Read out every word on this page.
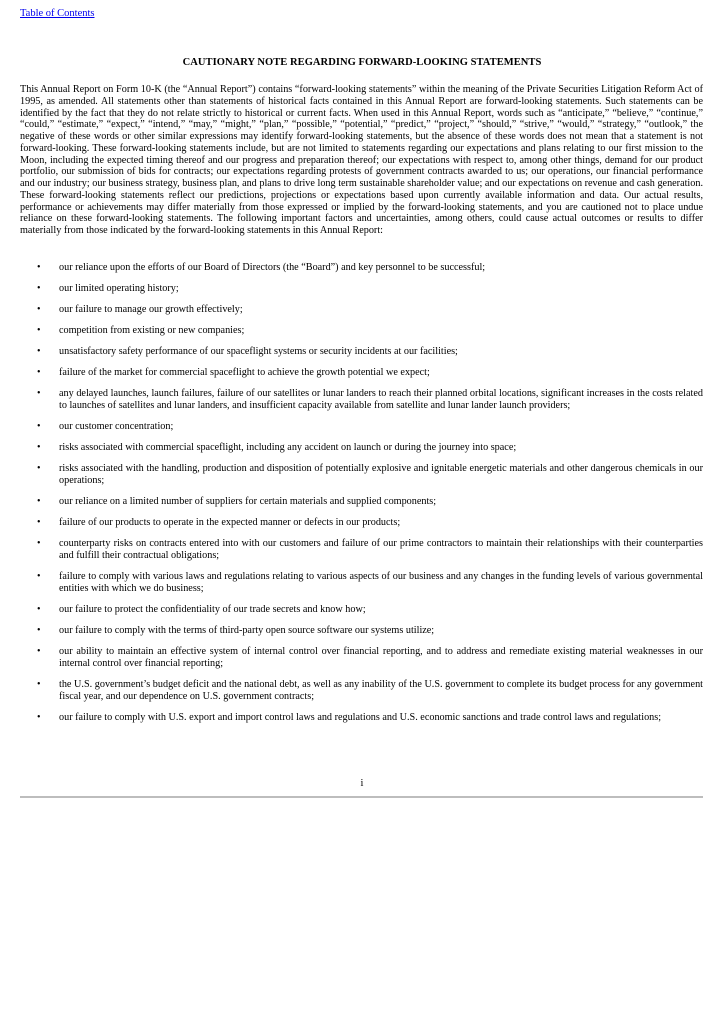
Table of Contents
CAUTIONARY NOTE REGARDING FORWARD-LOOKING STATEMENTS

This Annual Report on Form 10-K (the “Annual Report”) contains “forward-looking statements” within the meaning of the Private Securities Litigation Reform Act of 1995, as amended. All statements other than statements of historical facts contained in this Annual Report are forward-looking statements. Such statements can be identified by the fact that they do not relate strictly to historical or current facts. When used in this Annual Report, words such as “anticipate,” “believe,” “continue,” “could,” “estimate,” “expect,” “intend,” “may,” “might,” “plan,” “possible,” “potential,” “predict,” “project,” “should,” “strive,” “would,” “strategy,” “outlook,” the negative of these words or other similar expressions may identify forward-looking statements, but the absence of these words does not mean that a statement is not forward-looking. These forward-looking statements include, but are not limited to statements regarding our expectations and plans relating to our first mission to the Moon, including the expected timing thereof and our progress and preparation thereof; our expectations with respect to, among other things, demand for our product portfolio, our submission of bids for contracts; our expectations regarding protests of government contracts awarded to us; our operations, our financial performance and our industry; our business strategy, business plan, and plans to drive long term sustainable shareholder value; and our expectations on revenue and cash generation. These forward-looking statements reflect our predictions, projections or expectations based upon currently available information and data. Our actual results, performance or achievements may differ materially from those expressed or implied by the forward-looking statements, and you are cautioned not to place undue reliance on these forward-looking statements. The following important factors and uncertainties, among others, could cause actual outcomes or results to differ materially from those indicated by the forward-looking statements in this Annual Report:

• our reliance upon the efforts of our Board of Directors (the “Board”) and key personnel to be successful;
• our limited operating history;
• our failure to manage our growth effectively;
• competition from existing or new companies;
• unsatisfactory safety performance of our spaceflight systems or security incidents at our facilities;
• failure of the market for commercial spaceflight to achieve the growth potential we expect;
• any delayed launches, launch failures, failure of our satellites or lunar landers to reach their planned orbital locations, significant increases in the costs related to launches of satellites and lunar landers, and insufficient capacity available from satellite and lunar lander launch providers;
• our customer concentration;
• risks associated with commercial spaceflight, including any accident on launch or during the journey into space;
• risks associated with the handling, production and disposition of potentially explosive and ignitable energetic materials and other dangerous chemicals in our operations;
• our reliance on a limited number of suppliers for certain materials and supplied components;
• failure of our products to operate in the expected manner or defects in our products;
• counterparty risks on contracts entered into with our customers and failure of our prime contractors to maintain their relationships with their counterparties and fulfill their contractual obligations;
• failure to comply with various laws and regulations relating to various aspects of our business and any changes in the funding levels of various governmental entities with which we do business;
• our failure to protect the confidentiality of our trade secrets and know how;
• our failure to comply with the terms of third-party open source software our systems utilize;
• our ability to maintain an effective system of internal control over financial reporting, and to address and remediate existing material weaknesses in our internal control over financial reporting;
• the U.S. government’s budget deficit and the national debt, as well as any inability of the U.S. government to complete its budget process for any government fiscal year, and our dependence on U.S. government contracts;
• our failure to comply with U.S. export and import control laws and regulations and U.S. economic sanctions and trade control laws and regulations;
i
